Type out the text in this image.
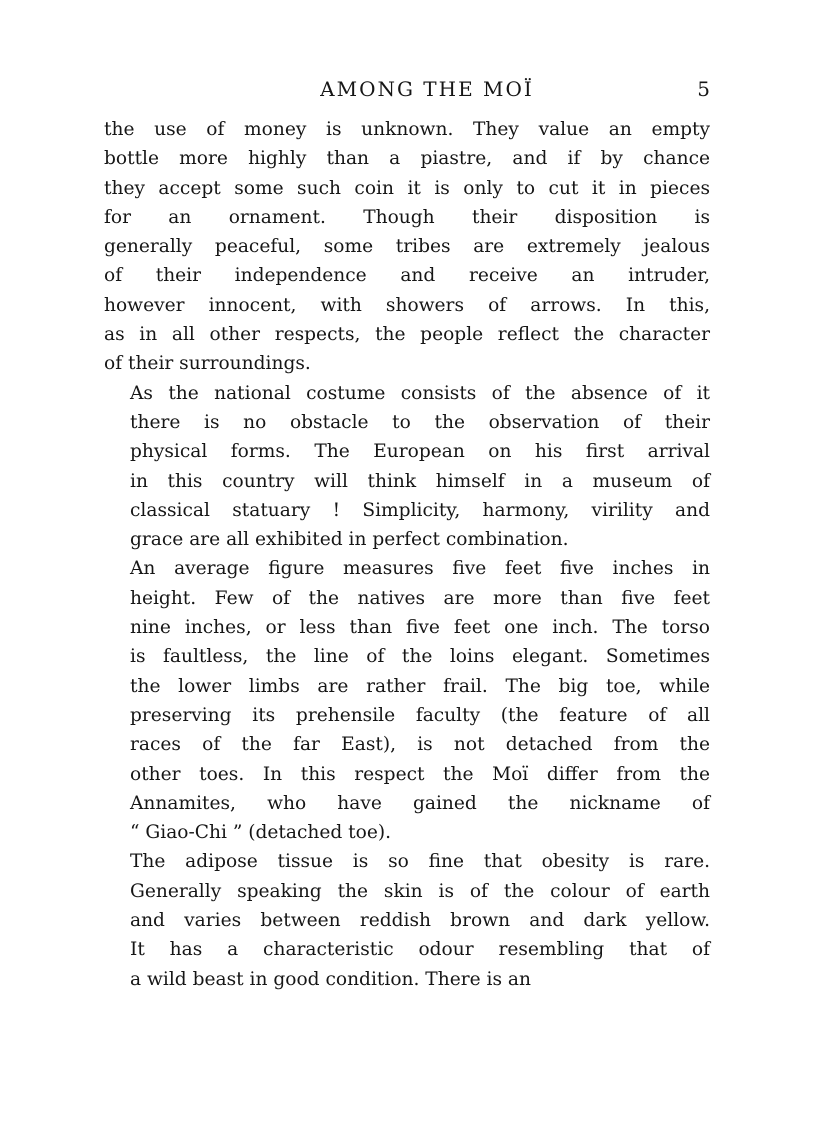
AMONG THE MOÏ	5

the use of money is unknown. They value an empty
bottle more highly than a piastre, and if by chance
they accept some such coin it is only to cut it in pieces
for an ornament. Though their disposition is
generally peaceful, some tribes are extremely jealous
of their independence and receive an intruder,
however innocent, with showers of arrows. In this,
as in all other respects, the people reflect the character
of their surroundings.

As the national costume consists of the absence of it
there is no obstacle to the observation of their
physical forms. The European on his first arrival
in this country will think himself in a museum of
classical statuary ! Simplicity, harmony, virility and
grace are all exhibited in perfect combination.

An average figure measures five feet five inches in
height. Few of the natives are more than five feet
nine inches, or less than five feet one inch. The torso
is faultless, the line of the loins elegant. Sometimes
the lower limbs are rather frail. The big toe, while
preserving its prehensile faculty (the feature of all
races of the far East), is not detached from the
other toes. In this respect the Moï differ from the
Annamites, who have gained the nickname of
“ Giao-Chi ” (detached toe).

The adipose tissue is so fine that obesity is rare.
Generally speaking the skin is of the colour of earth
and varies between reddish brown and dark yellow.
It has a characteristic odour resembling that of
a wild beast in good condition. There is an
